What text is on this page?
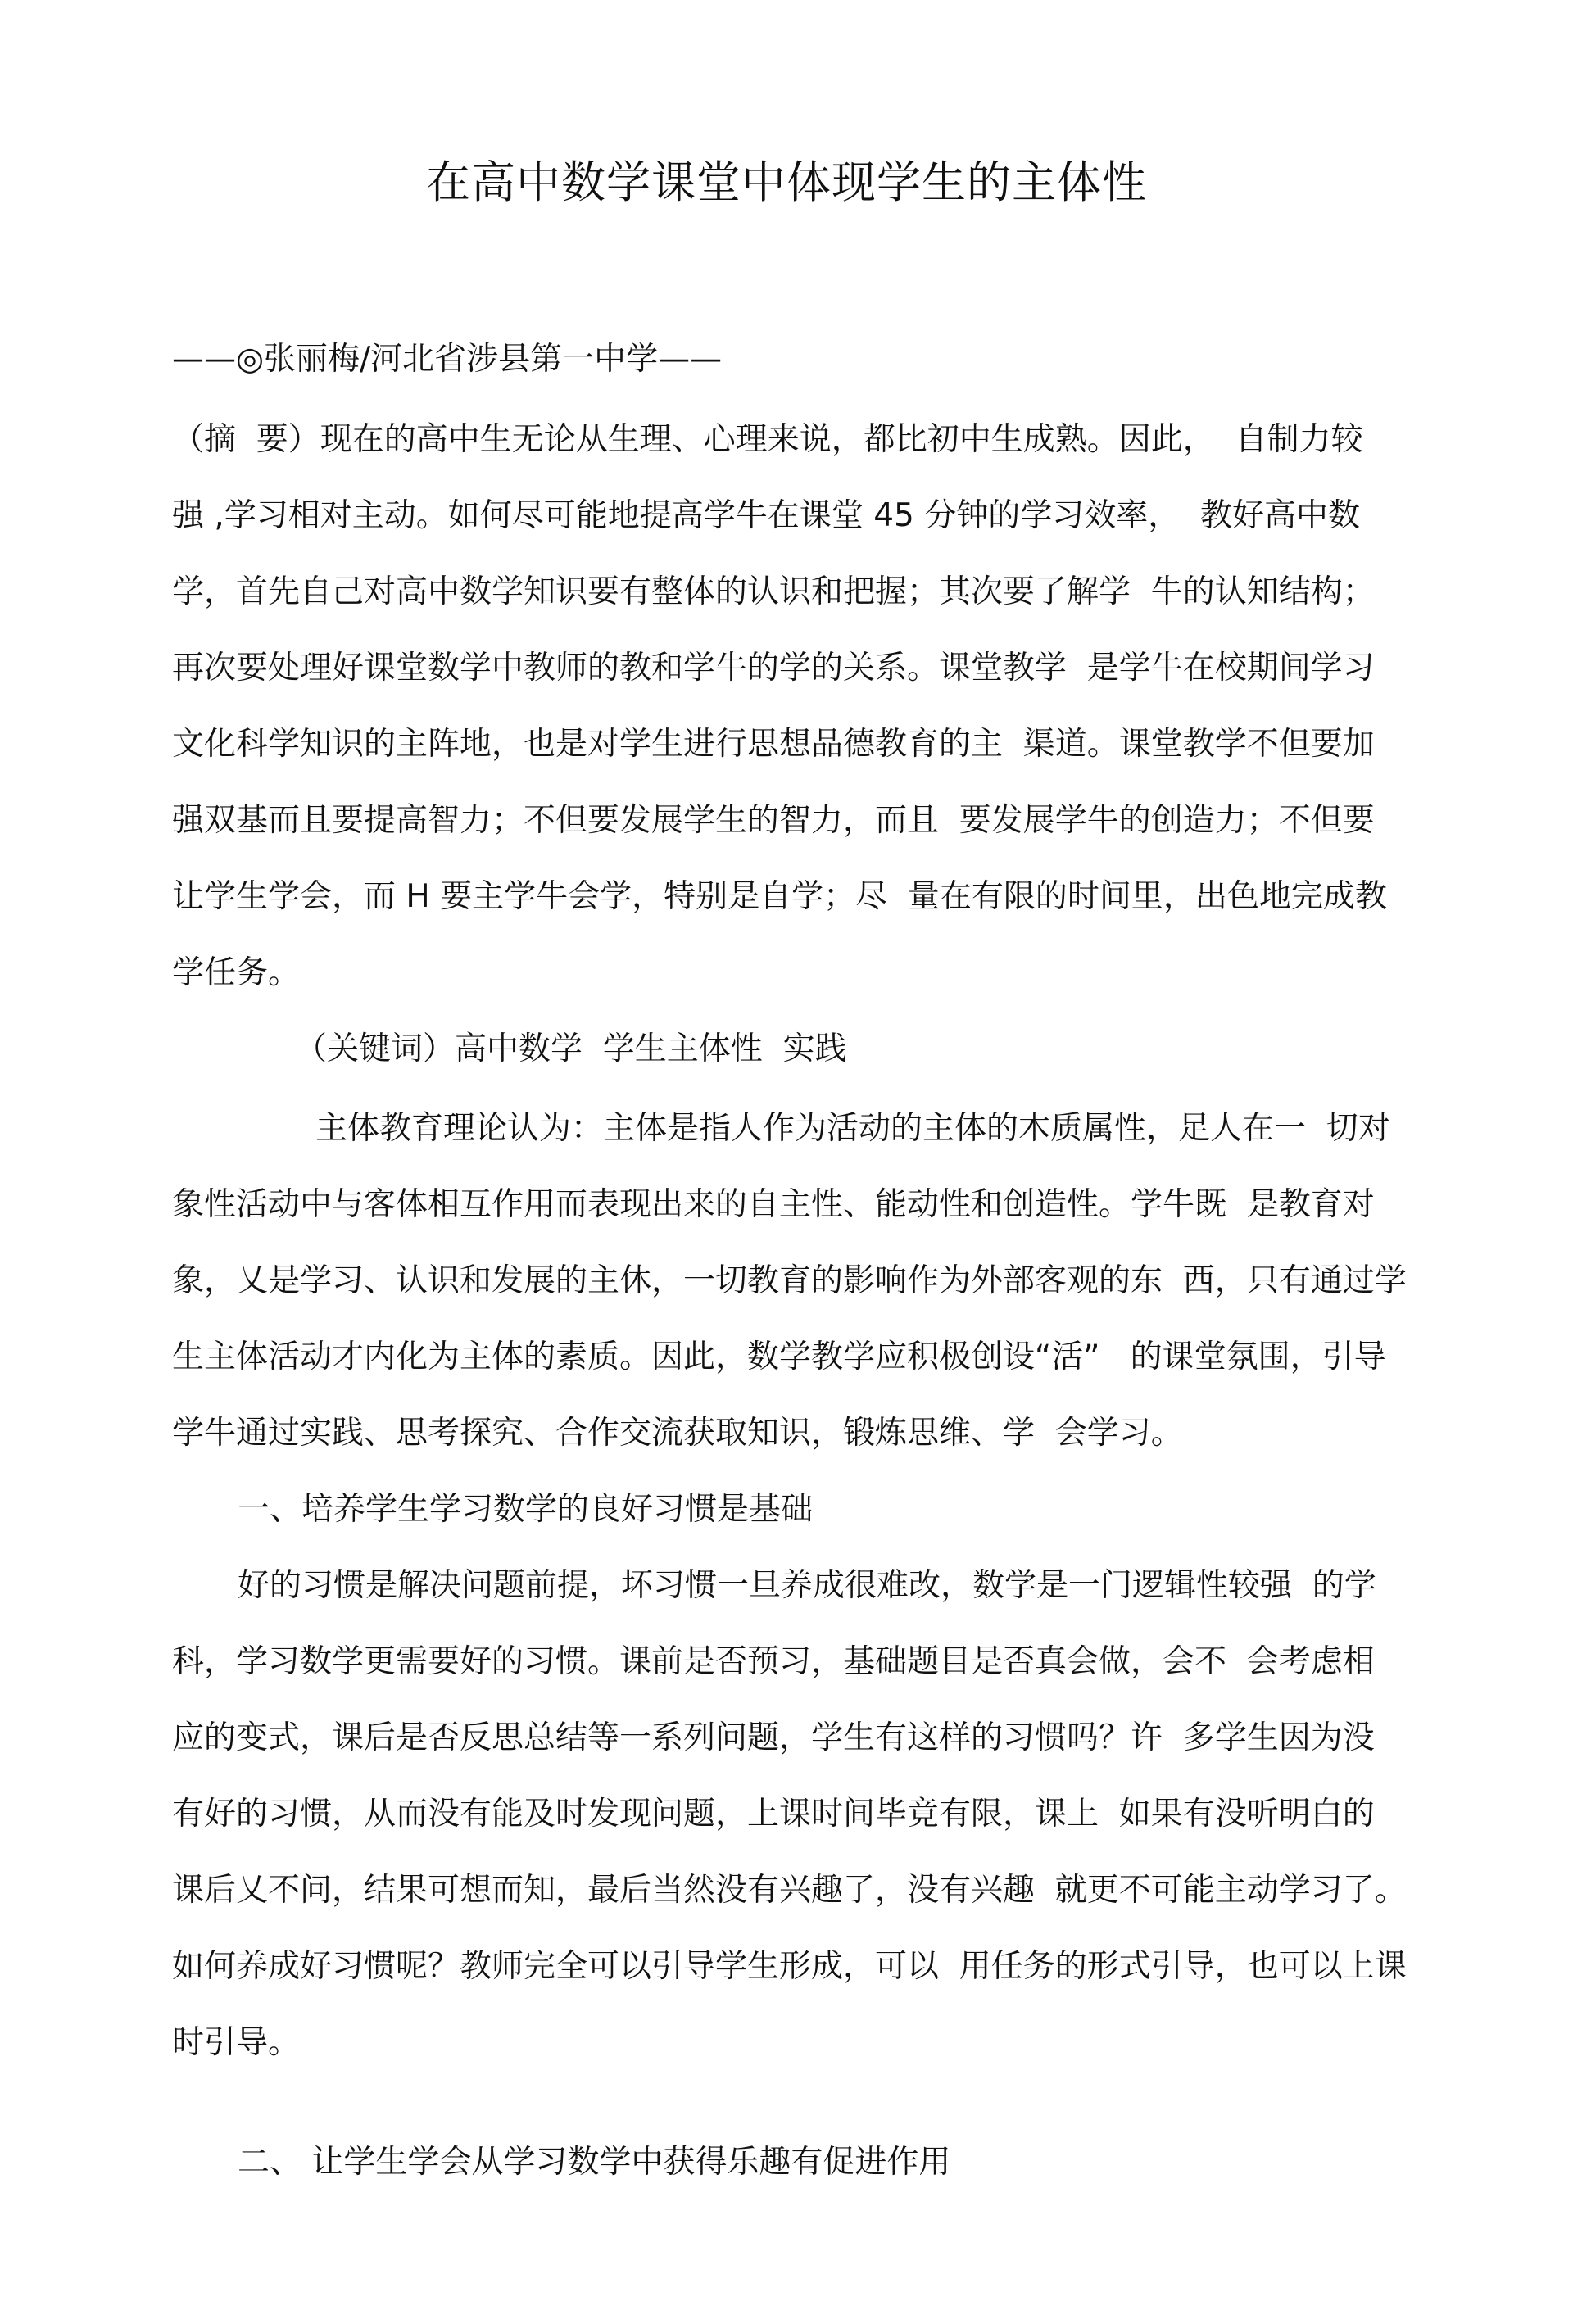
在高中数学课堂中体现学生的主体性

——◎张丽梅/河北省涉县第一中学——

（摘  要）现在的高中生无论从生理、心理来说，都比初中生成熟。因此，  自制力较

强 ,学习相对主动。如何尽可能地提高学牛在课堂 45 分钟的学习效率，  教好高中数

学，首先自己对高中数学知识要有整体的认识和把握；其次要了解学  牛的认知结构；

再次要处理好课堂数学中教师的教和学牛的学的关系。课堂教学  是学牛在校期间学习

文化科学知识的主阵地，也是对学生进行思想品德教育的主  渠道。课堂教学不但要加

强双基而且要提高智力；不但要发展学生的智力，而且  要发展学牛的创造力；不但要

让学生学会，而 H 要主学牛会学，特别是自学；尽  量在有限的时间里，出色地完成教

学任务。

（关键词）高中数学  学生主体性  实践

主体教育理论认为：主体是指人作为活动的主体的木质属性，足人在一  切对

象性活动中与客体相互作用而表现出来的自主性、能动性和创造性。学牛既  是教育对

象，乂是学习、认识和发展的主休，一切教育的影响作为外部客观的东  西，只有通过学

生主体活动才内化为主体的素质。因此，数学教学应积极创设“活”   的课堂氛围，引导

学牛通过实践、思考探究、合作交流获取知识，锻炼思维、学  会学习。

一、培养学生学习数学的良好习惯是基础

好的习惯是解决问题前提，坏习惯一旦养成很难改，数学是一门逻辑性较强  的学

科，学习数学更需要好的习惯。课前是否预习，基础题目是否真会做，会不  会考虑相

应的变式，课后是否反思总结等一系列问题，学生有这样的习惯吗？许  多学生因为没

有好的习惯，从而没有能及时发现问题，上课时间毕竟有限，课上  如果有没听明白的

课后乂不问，结果可想而知，最后当然没有兴趣了，没有兴趣  就更不可能主动学习了。

如何养成好习惯呢？教师完全可以引导学生形成，可以  用任务的形式引导，也可以上课

时引导。

二、 让学生学会从学习数学中获得乐趣有促进作用
